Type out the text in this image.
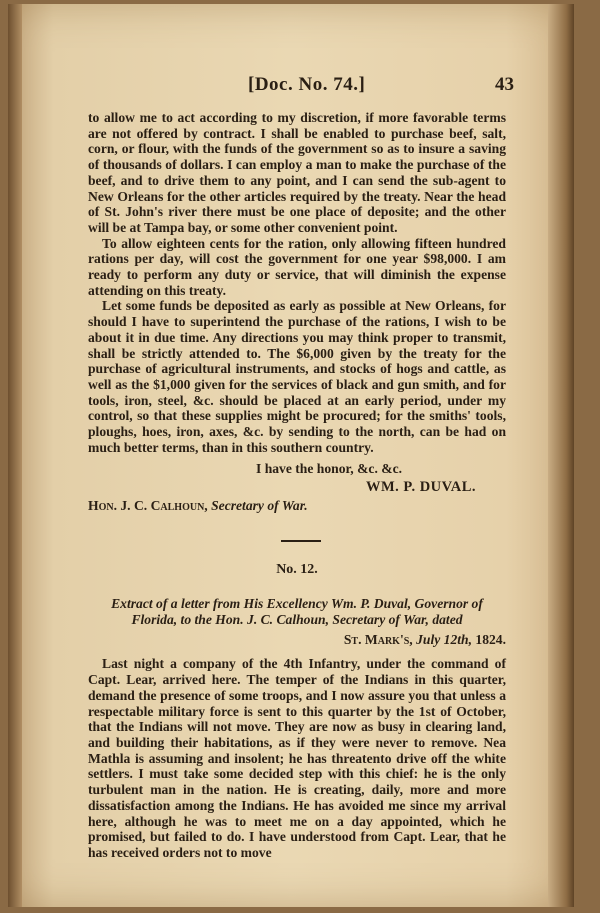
[Doc. No. 74.]	43

to allow me to act according to my discretion, if more favorable terms are not offered by contract. I shall be enabled to purchase beef, salt, corn, or flour, with the funds of the government so as to insure a saving of thousands of dollars. I can employ a man to make the purchase of the beef, and to drive them to any point, and I can send the sub-agent to New Orleans for the other articles required by the treaty. Near the head of St. John's river there must be one place of deposite; and the other will be at Tampa bay, or some other convenient point.

To allow eighteen cents for the ration, only allowing fifteen hundred rations per day, will cost the government for one year $98,000. I am ready to perform any duty or service, that will diminish the expense attending on this treaty.

Let some funds be deposited as early as possible at New Orleans, for should I have to superintend the purchase of the rations, I wish to be about it in due time. Any directions you may think proper to transmit, shall be strictly attended to. The $6,000 given by the treaty for the purchase of agricultural instruments, and stocks of hogs and cattle, as well as the $1,000 given for the services of black and gun smith, and for tools, iron, steel, &c. should be placed at an early period, under my control, so that these supplies might be procured; for the smiths' tools, ploughs, hoes, iron, axes, &c. by sending to the north, can be had on much better terms, than in this southern country.

I have the honor, &c. &c.
WM. P. DUVAL.
Hon. J. C. Calhoun, Secretary of War.
No. 12.
Extract of a letter from His Excellency Wm. P. Duval, Governor of Florida, to the Hon. J. C. Calhoun, Secretary of War, dated
St. Mark's, July 12th, 1824.

Last night a company of the 4th Infantry, under the command of Capt. Lear, arrived here. The temper of the Indians in this quarter, demand the presence of some troops, and I now assure you that unless a respectable military force is sent to this quarter by the 1st of October, that the Indians will not move. They are now as busy in clearing land, and building their habitations, as if they were never to remove. Nea Mathla is assuming and insolent; he has threatento drive off the white settlers. I must take some decided step with this chief: he is the only turbulent man in the nation. He is creating, daily, more and more dissatisfaction among the Indians. He has avoided me since my arrival here, although he was to meet me on a day appointed, which he promised, but failed to do. I have understood from Capt. Lear, that he has received orders not to move
